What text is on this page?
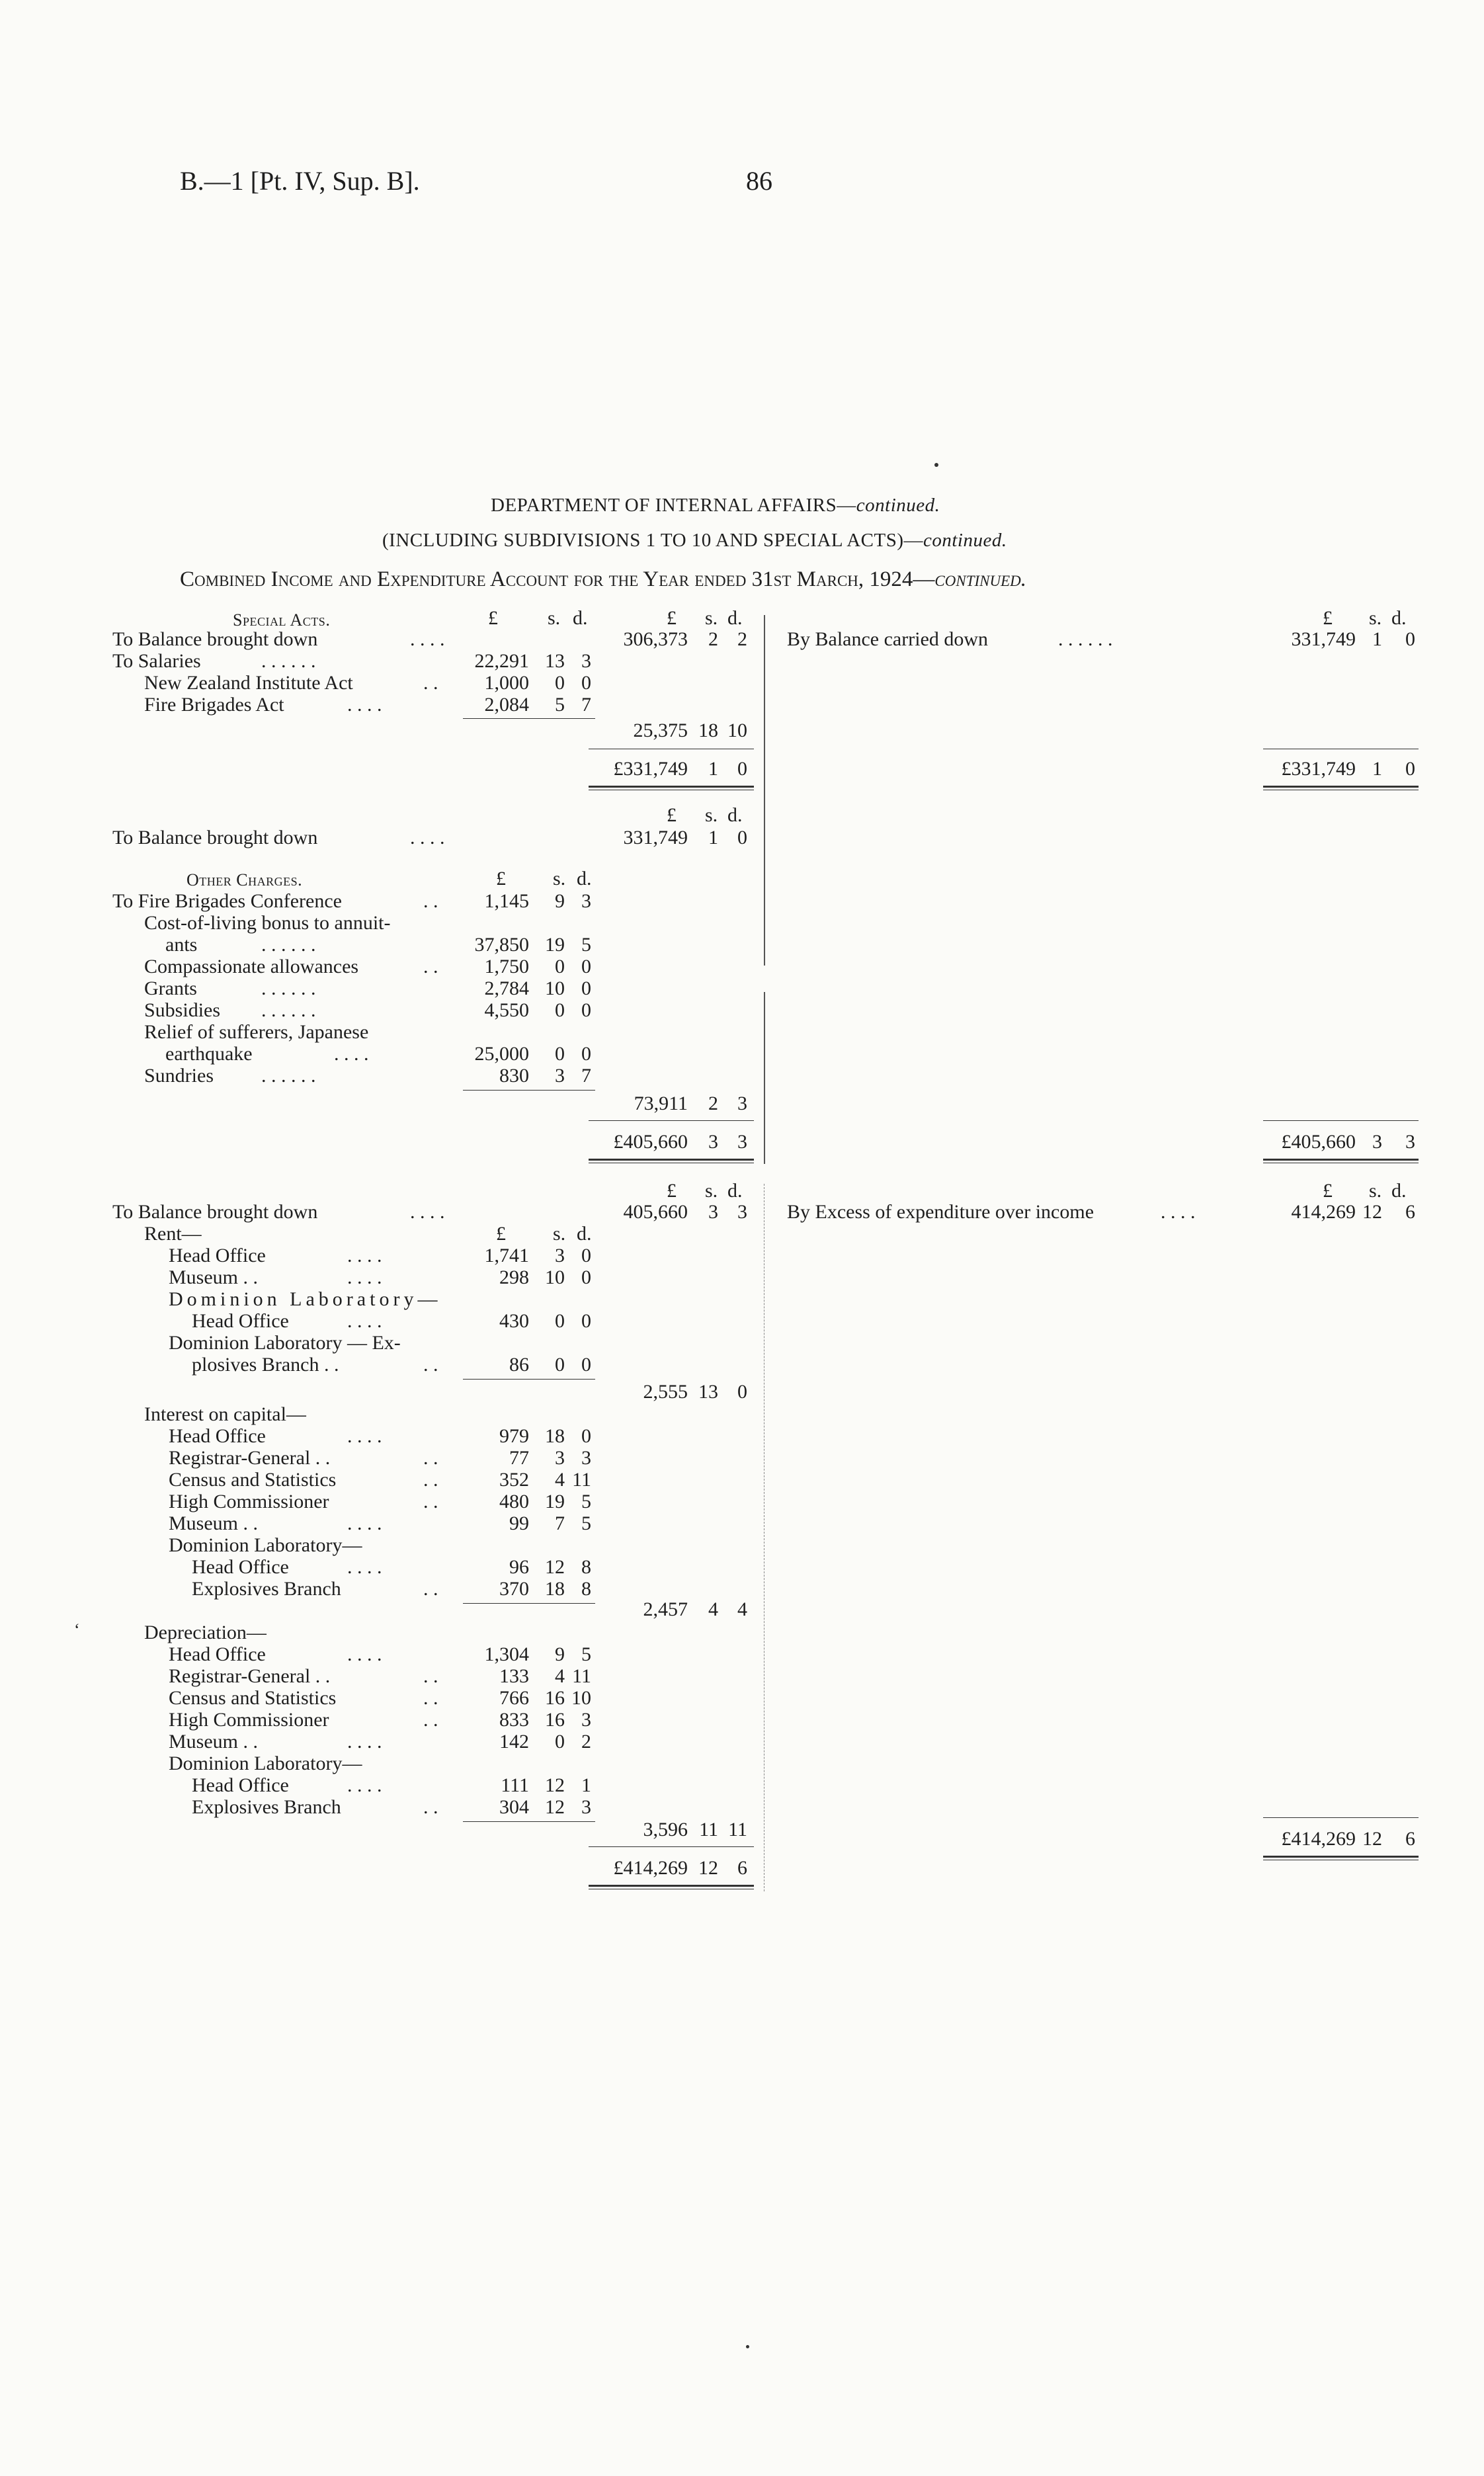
B.—1 [Pt. IV, Sup. B].	86
DEPARTMENT OF INTERNAL AFFAIRS—continued.
(INCLUDING SUBDIVISIONS 1 TO 10 AND SPECIAL ACTS)—continued.
Combined Income and Expenditure Account for the Year ended 31st March, 1924—continued.
Special Acts.	£	s. d.	£ s. d.	£ s. d.
To Balance brought down	. . . .	306,373	2 2 By Balance carried down	. . . . . .	331,749 1	0
To Salaries	. . . . . .	22,291 13 3
New Zealand Institute Act	. .	1,000	0 0
Fire Brigades Act	. . . .	2,084	5 7
25,375 18 10
£331,749	1 0	£331,749 1	0
£ s. d.
To Balance brought down	. . . .	331,749	1 0
Other Charges.	£ s. d.
To Fire Brigades Conference	. .	1,145	9 3
Cost-of-living bonus to annuit-
ants	. . . . . .	37,850 19 5
Compassionate allowances	. .	1,750	0 0
Grants	. . . . . .	2,784 10 0
Subsidies . . . . . .	4,550	0 0
Relief of sufferers, Japanese
earthquake	. . . .	25,000	0 0
Sundries . . . . . .	830	3 7
73,911	2 3
£405,660	3 3	£405,660 3	3
£ s. d.	£ s. d.
To Balance brought down	. . . .	405,660	3 3 By Excess of expenditure over income	. . . .	414,269 12	6
Rent—	£ s. d.
Head Office	. . . .	1,741	3 0
Museum . .	. . . .	298 10 0
Dominion Laboratory—
Head Office	. . . .	430	0 0
Dominion Laboratory — Ex-
plosives Branch . .	. .	86	0 0
2,555 13 0
Interest on capital—
Head Office	. . . .	979 18 0
Registrar-General . .	. .	77	3 3
Census and Statistics	. .	352	4 11
High Commissioner	. .	480 19 5
Museum . .	. . . .	99	7 5
Dominion Laboratory—
Head Office	. . . .	96 12 8
Explosives Branch	. .	370 18 8
2,457	4 4
‘	Depreciation—
Head Office	. . . .	1,304	9 5
Registrar-General . .	. .	133	4 11
Census and Statistics	. .	766 16 10
High Commissioner	. .	833 16 3
Museum . .	. . . .	142	0 2
Dominion Laboratory—
Head Office	. . . .	111 12 1
Explosives Branch	. .	304 12 3
3,596 11 11
£414,269 12 6
£414,269 12	6
